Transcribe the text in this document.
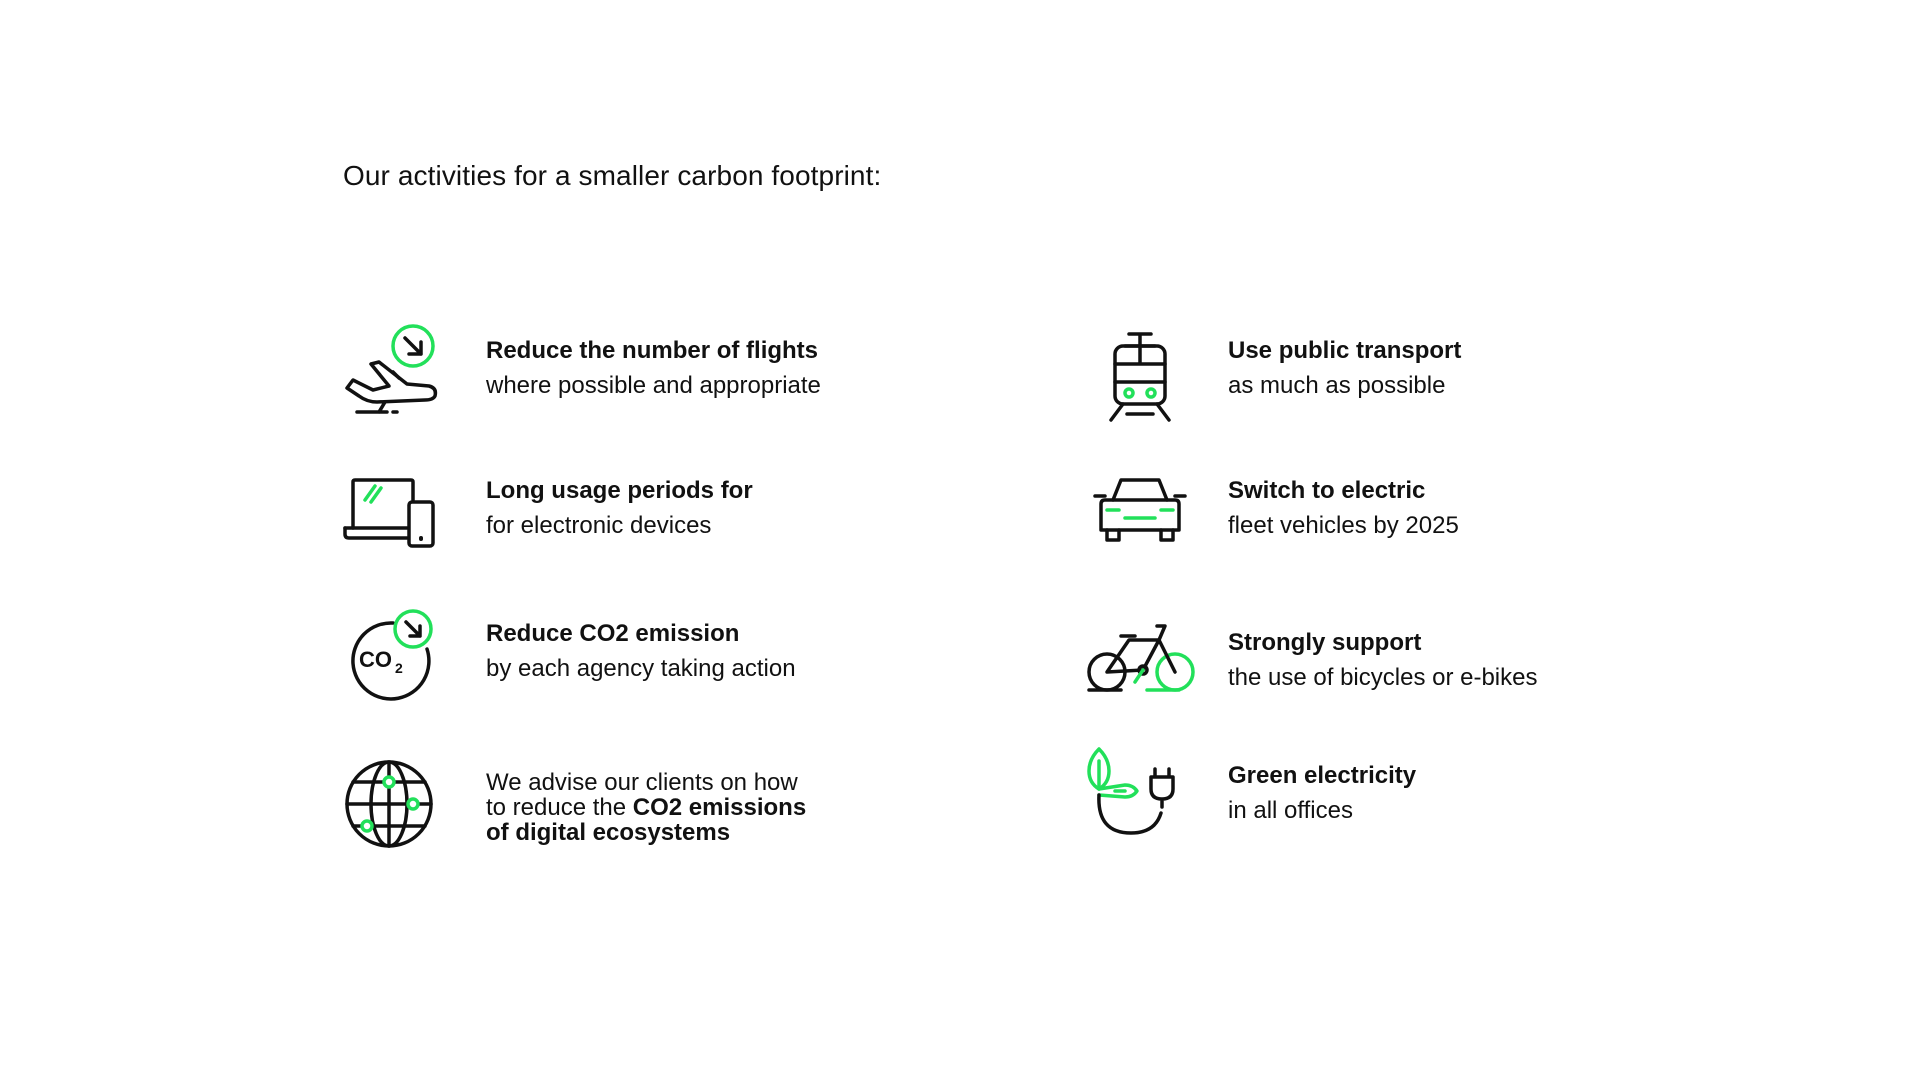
Our activities for a smaller carbon footprint:
Reduce the number of flights
where possible and appropriate
Use public transport
as much as possible
Long usage periods for
for electronic devices
Switch to electric
fleet vehicles by 2025
CO 2
Reduce CO2 emission
by each agency taking action
Strongly support
the use of bicycles or e-bikes
We advise our clients on how
to reduce the CO2 emissions
of digital ecosystems
Green electricity
in all offices
